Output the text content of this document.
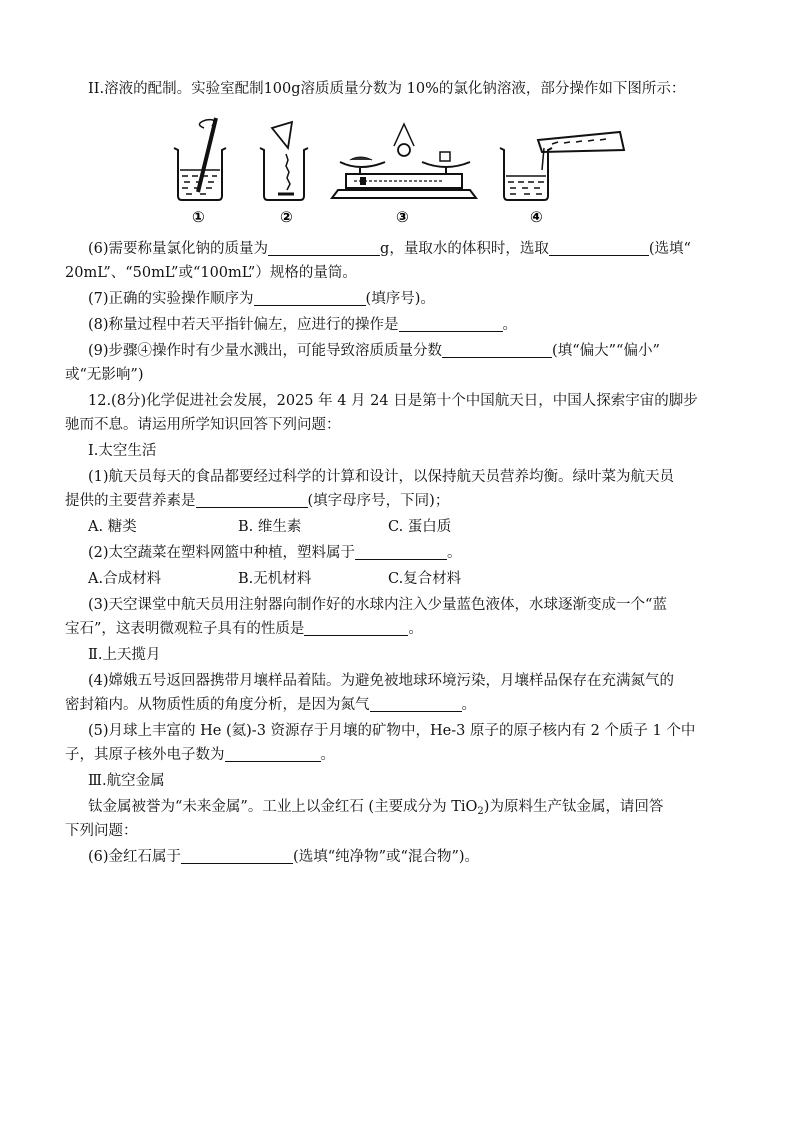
II.溶液的配制。实验室配制100g溶质质量分数为 10%的氯化钠溶液，部分操作如下图所示：
①	②	③	④
(6)需要称量氯化钠的质量为	g，量取水的体积时，选取	(选填“
20mL”、“50mL”或“100mL”）规格的量筒。
(7)正确的实验操作顺序为	(填序号)。
(8)称量过程中若天平指针偏左，应进行的操作是	。
(9)步骤④操作时有少量水溅出，可能导致溶质质量分数	(填“偏大”“偏小”
或“无影响”)
12.(8分)化学促进社会发展，2025 年 4 月 24 日是第十个中国航天日，中国人探索宇宙的脚步
驰而不息。请运用所学知识回答下列问题：
Ⅰ.太空生活
(1)航天员每天的食品都要经过科学的计算和设计，以保持航天员营养均衡。绿叶菜为航天员
提供的主要营养素是	(填字母序号，下同)；
A. 糖类	B. 维生素	C. 蛋白质
(2)太空蔬菜在塑料网篮中种植，塑料属于	。
A.合成材料	B.无机材料	C.复合材料
(3)天空课堂中航天员用注射器向制作好的水球内注入少量蓝色液体，水球逐渐变成一个“蓝
宝石”，这表明微观粒子具有的性质是	。
Ⅱ.上天揽月
(4)嫦娥五号返回器携带月壤样品着陆。为避免被地球环境污染，月壤样品保存在充满氮气的
密封箱内。从物质性质的角度分析，是因为氮气	。
(5)月球上丰富的 He (氦)-3 资源存于月壤的矿物中，He-3 原子的原子核内有 2 个质子 1 个中
子，其原子核外电子数为	。
Ⅲ.航空金属
钛金属被誉为“未来金属”。工业上以金红石 (主要成分为 TiO$_2$)为原料生产钛金属，请回答
下列问题：
(6)金红石属于	(选填“纯净物”或“混合物”)。
